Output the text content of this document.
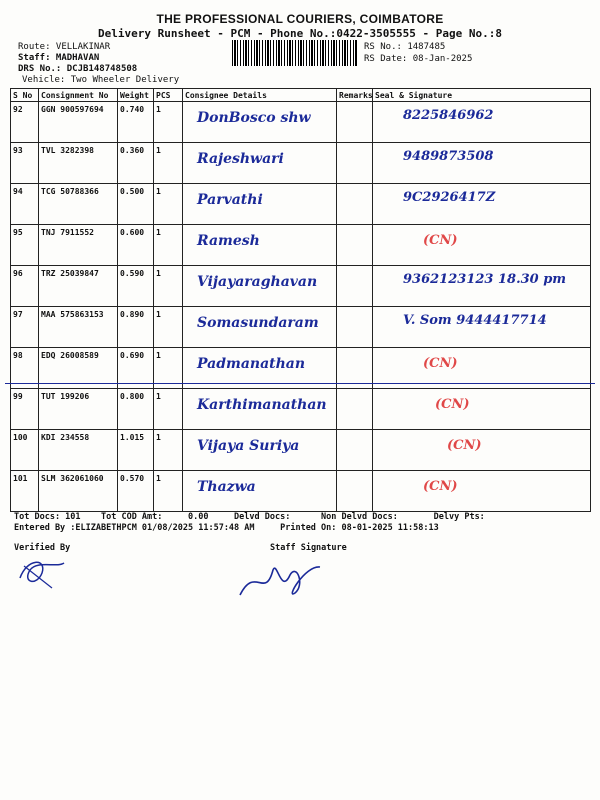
THE PROFESSIONAL COURIERS, COIMBATORE
Delivery Runsheet - PCM - Phone No.:0422-3505555 - Page No.:8
Route: VELLAKINAR
Staff: MADHAVAN
DRS No.: DCJB148748508
Vehicle: Two Wheeler Delivery
RS No.: 1487485
RS Date: 08-Jan-2025
S No	Consignment No	Weight	PCS	Consignee Details	Remarks	Seal & Signature
92	GGN 900597694	0.740	1	DonBosco shw		8225846962

93	TVL 3282398	0.360	1	Rajeshwari		9489873508

94	TCG 50788366	0.500	1	Parvathi		9C2926417Z

95	TNJ 7911552	0.600	1	Ramesh		(CN)

96	TRZ 25039847	0.590	1	Vijayaraghavan		9362123123 18.30 pm

97	MAA 575863153	0.890	1	Somasundaram		V. Som 9444417714

98	EDQ 26008589	0.690	1	Padmanathan		(CN)

99	TUT 199206	0.800	1	Karthimanathan		(CN)

100	KDI 234558	1.015	1	Vijaya Suriya		(CN)

101	SLM 362061060	0.570	1	Thazwa		(CN)
Tot Docs: 101    Tot COD Amt:     0.00     Delvd Docs:      Non Delvd Docs:       Delvy Pts:
Entered By :ELIZABETHPCM 01/08/2025 11:57:48 AM     Printed On: 08-01-2025 11:58:13
Verified By	Staff Signature
